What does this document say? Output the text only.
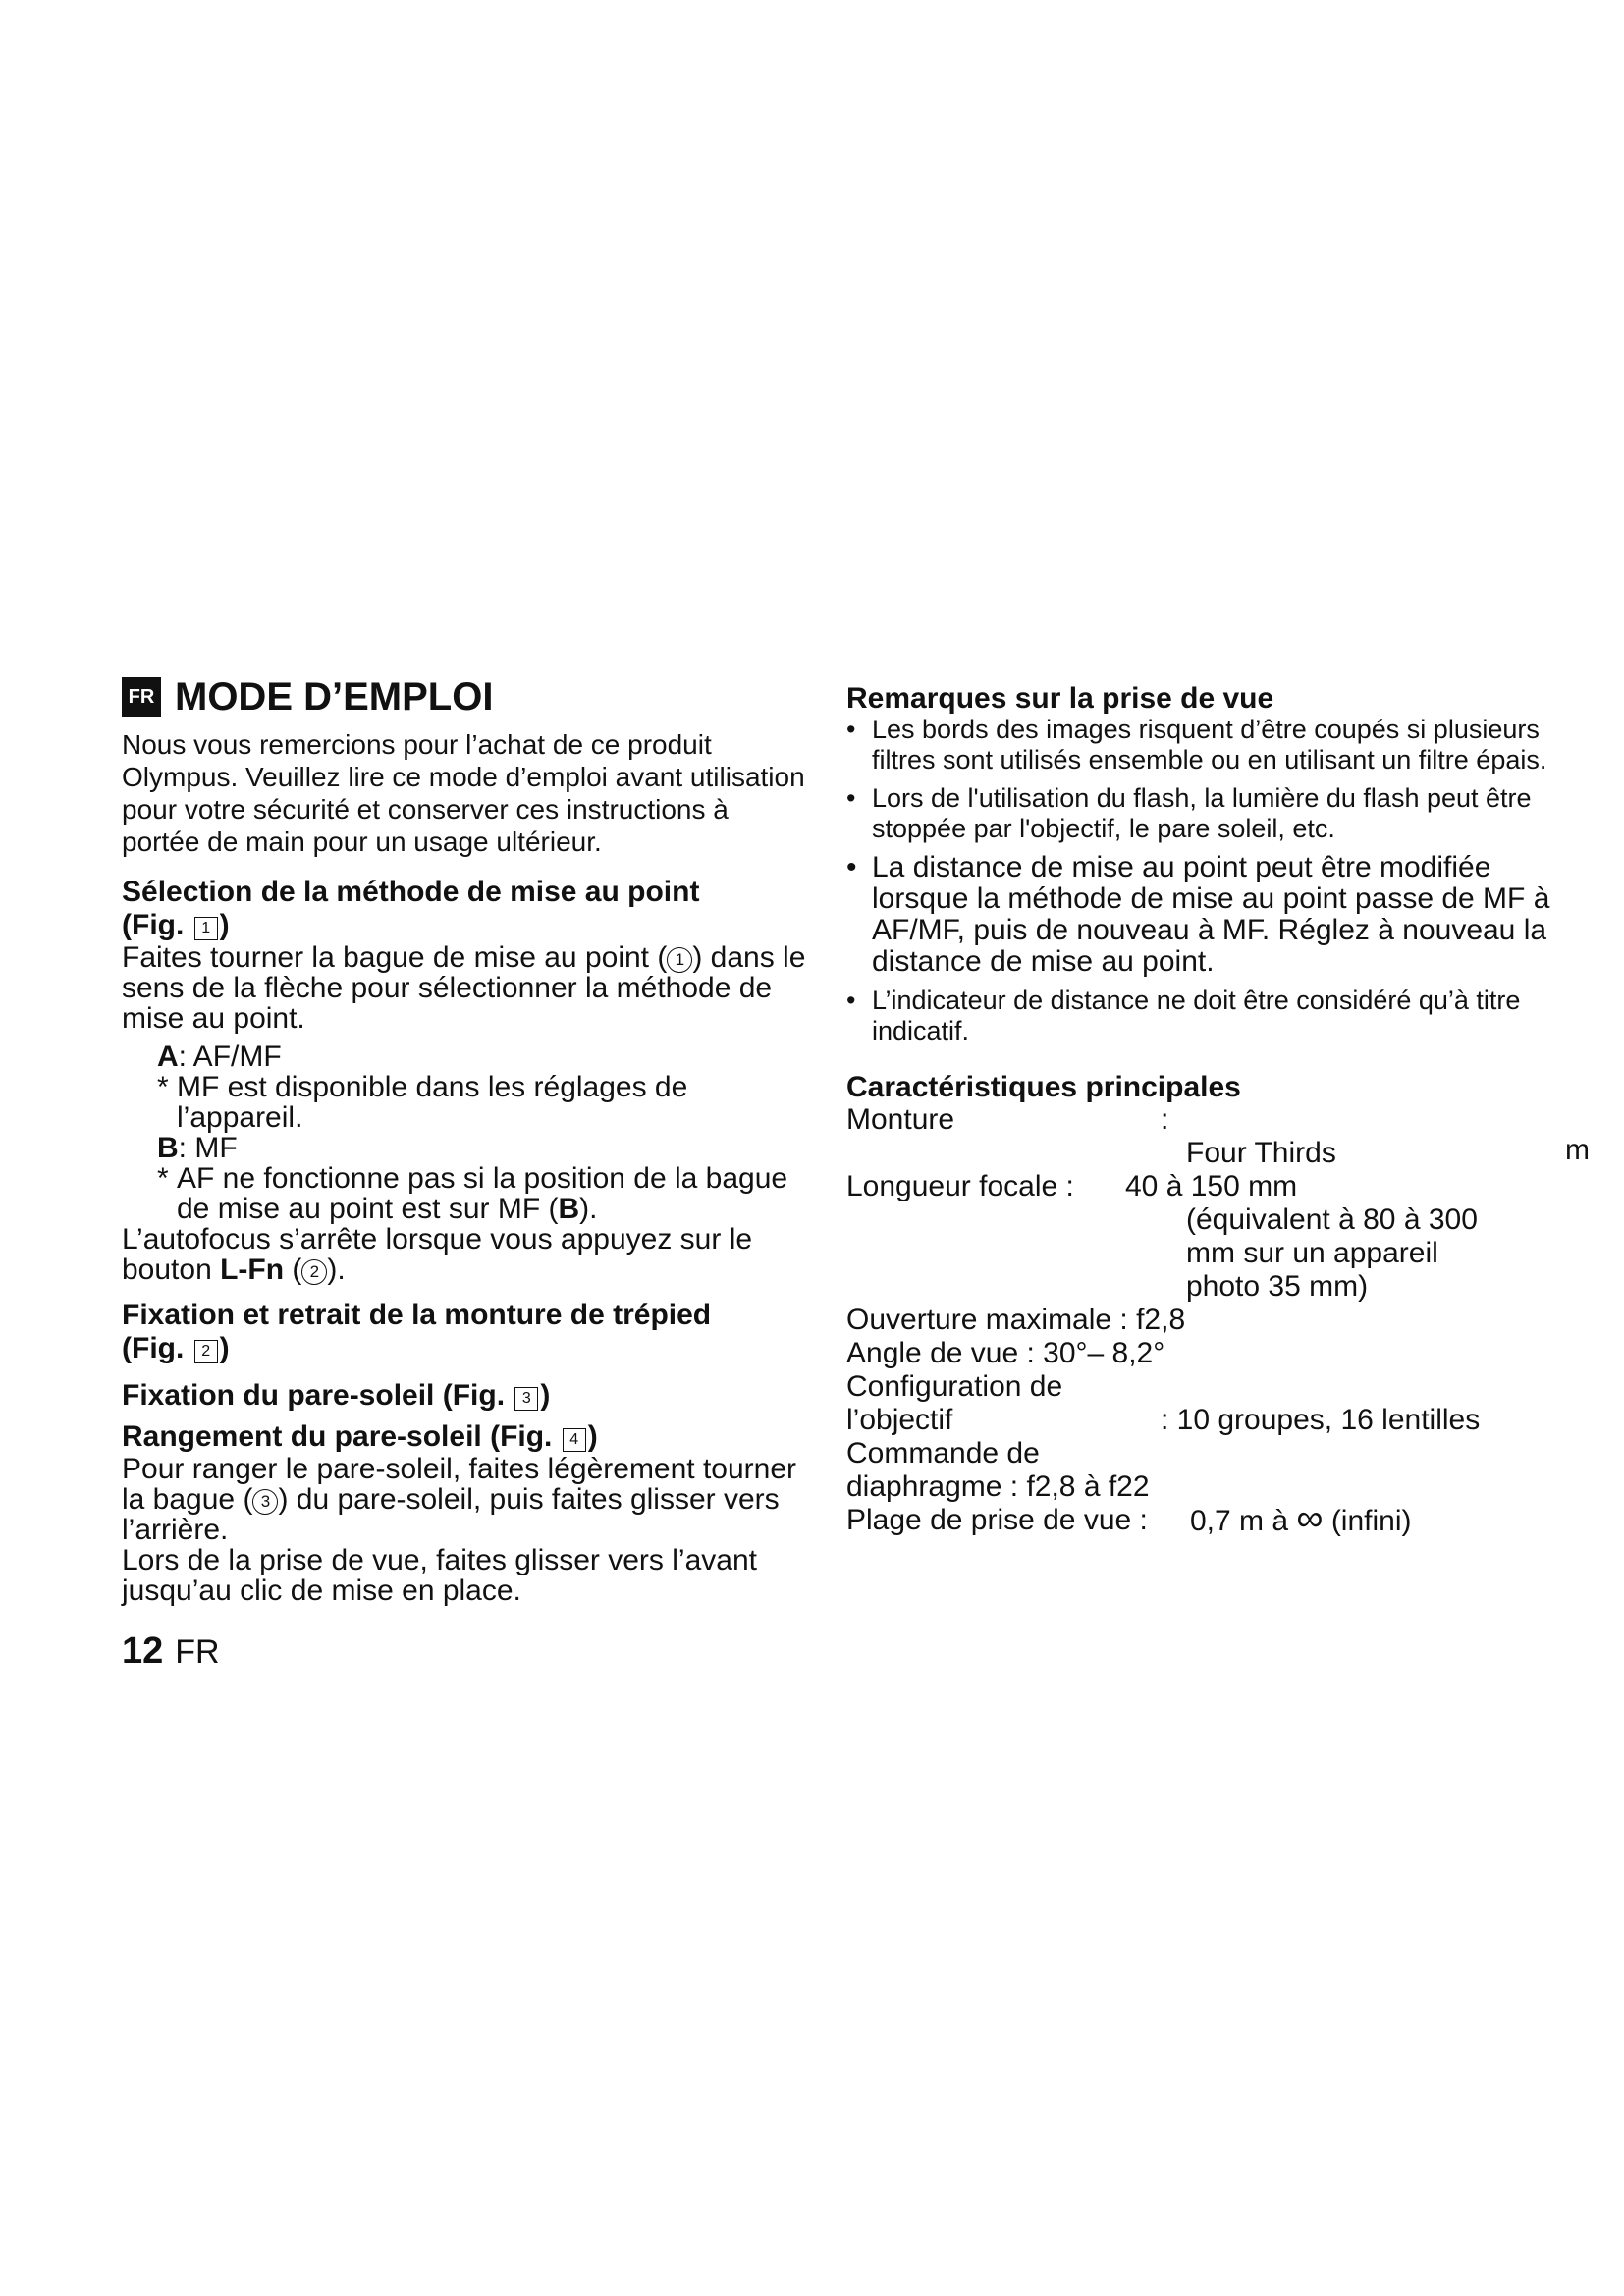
FR MODE D’EMPLOI

Nous vous remercions pour l’achat de ce produit Olympus. Veuillez lire ce mode d’emploi avant utilisation pour votre sécurité et conserver ces instructions à portée de main pour un usage ultérieur.

Sélection de la méthode de mise au point
(Fig. 1 )

Faites tourner la bague de mise au point ( 1 ) dans le sens de la flèche pour sélectionner la méthode de mise au point.

A: AF/MF

* MF est disponible dans les réglages de l’appareil.

B: MF

* AF ne fonctionne pas si la position de la bague de mise au point est sur MF (B).

L’autofocus s’arrête lorsque vous appuyez sur le bouton L-Fn ( 2 ).

Fixation et retrait de la monture de trépied
(Fig. 2 )

Fixation du pare-soleil (Fig. 3 )

Rangement du pare-soleil (Fig. 4 )

Pour ranger le pare-soleil, faites légèrement tourner la bague ( 3 ) du pare-soleil, puis faites glisser vers l’arrière.

Lors de la prise de vue, faites glisser vers l’avant jusqu’au clic de mise en place.

12 FR

Remarques sur la prise de vue

• Les bords des images risquent d’être coupés si plusieurs filtres sont utilisés ensemble ou en utilisant un filtre épais.
• Lors de l'utilisation du flash, la lumière du flash peut être stoppée par l'objectif, le pare soleil, etc.
• La distance de mise au point peut être modifiée lorsque la méthode de mise au point passe de MF à AF/MF, puis de nouveau à MF. Réglez à nouveau la distance de mise au point.
• L’indicateur de distance ne doit être considéré qu’à titre indicatif.

Caractéristiques principales

Monture	:
Four Thirds
Longueur focale : 40 à 150 mm
(équivalent à 80 à 300 mm sur un appareil photo 35 mm)
Ouverture maximale : f2,8
Angle de vue : 30°– 8,2°
Configuration de
l’objectif	: 10 groupes, 16 lentilles
Commande de
diaphragme : f2,8 à f22
Plage de prise de vue : 0,7 m à ∞ (infini)
m
